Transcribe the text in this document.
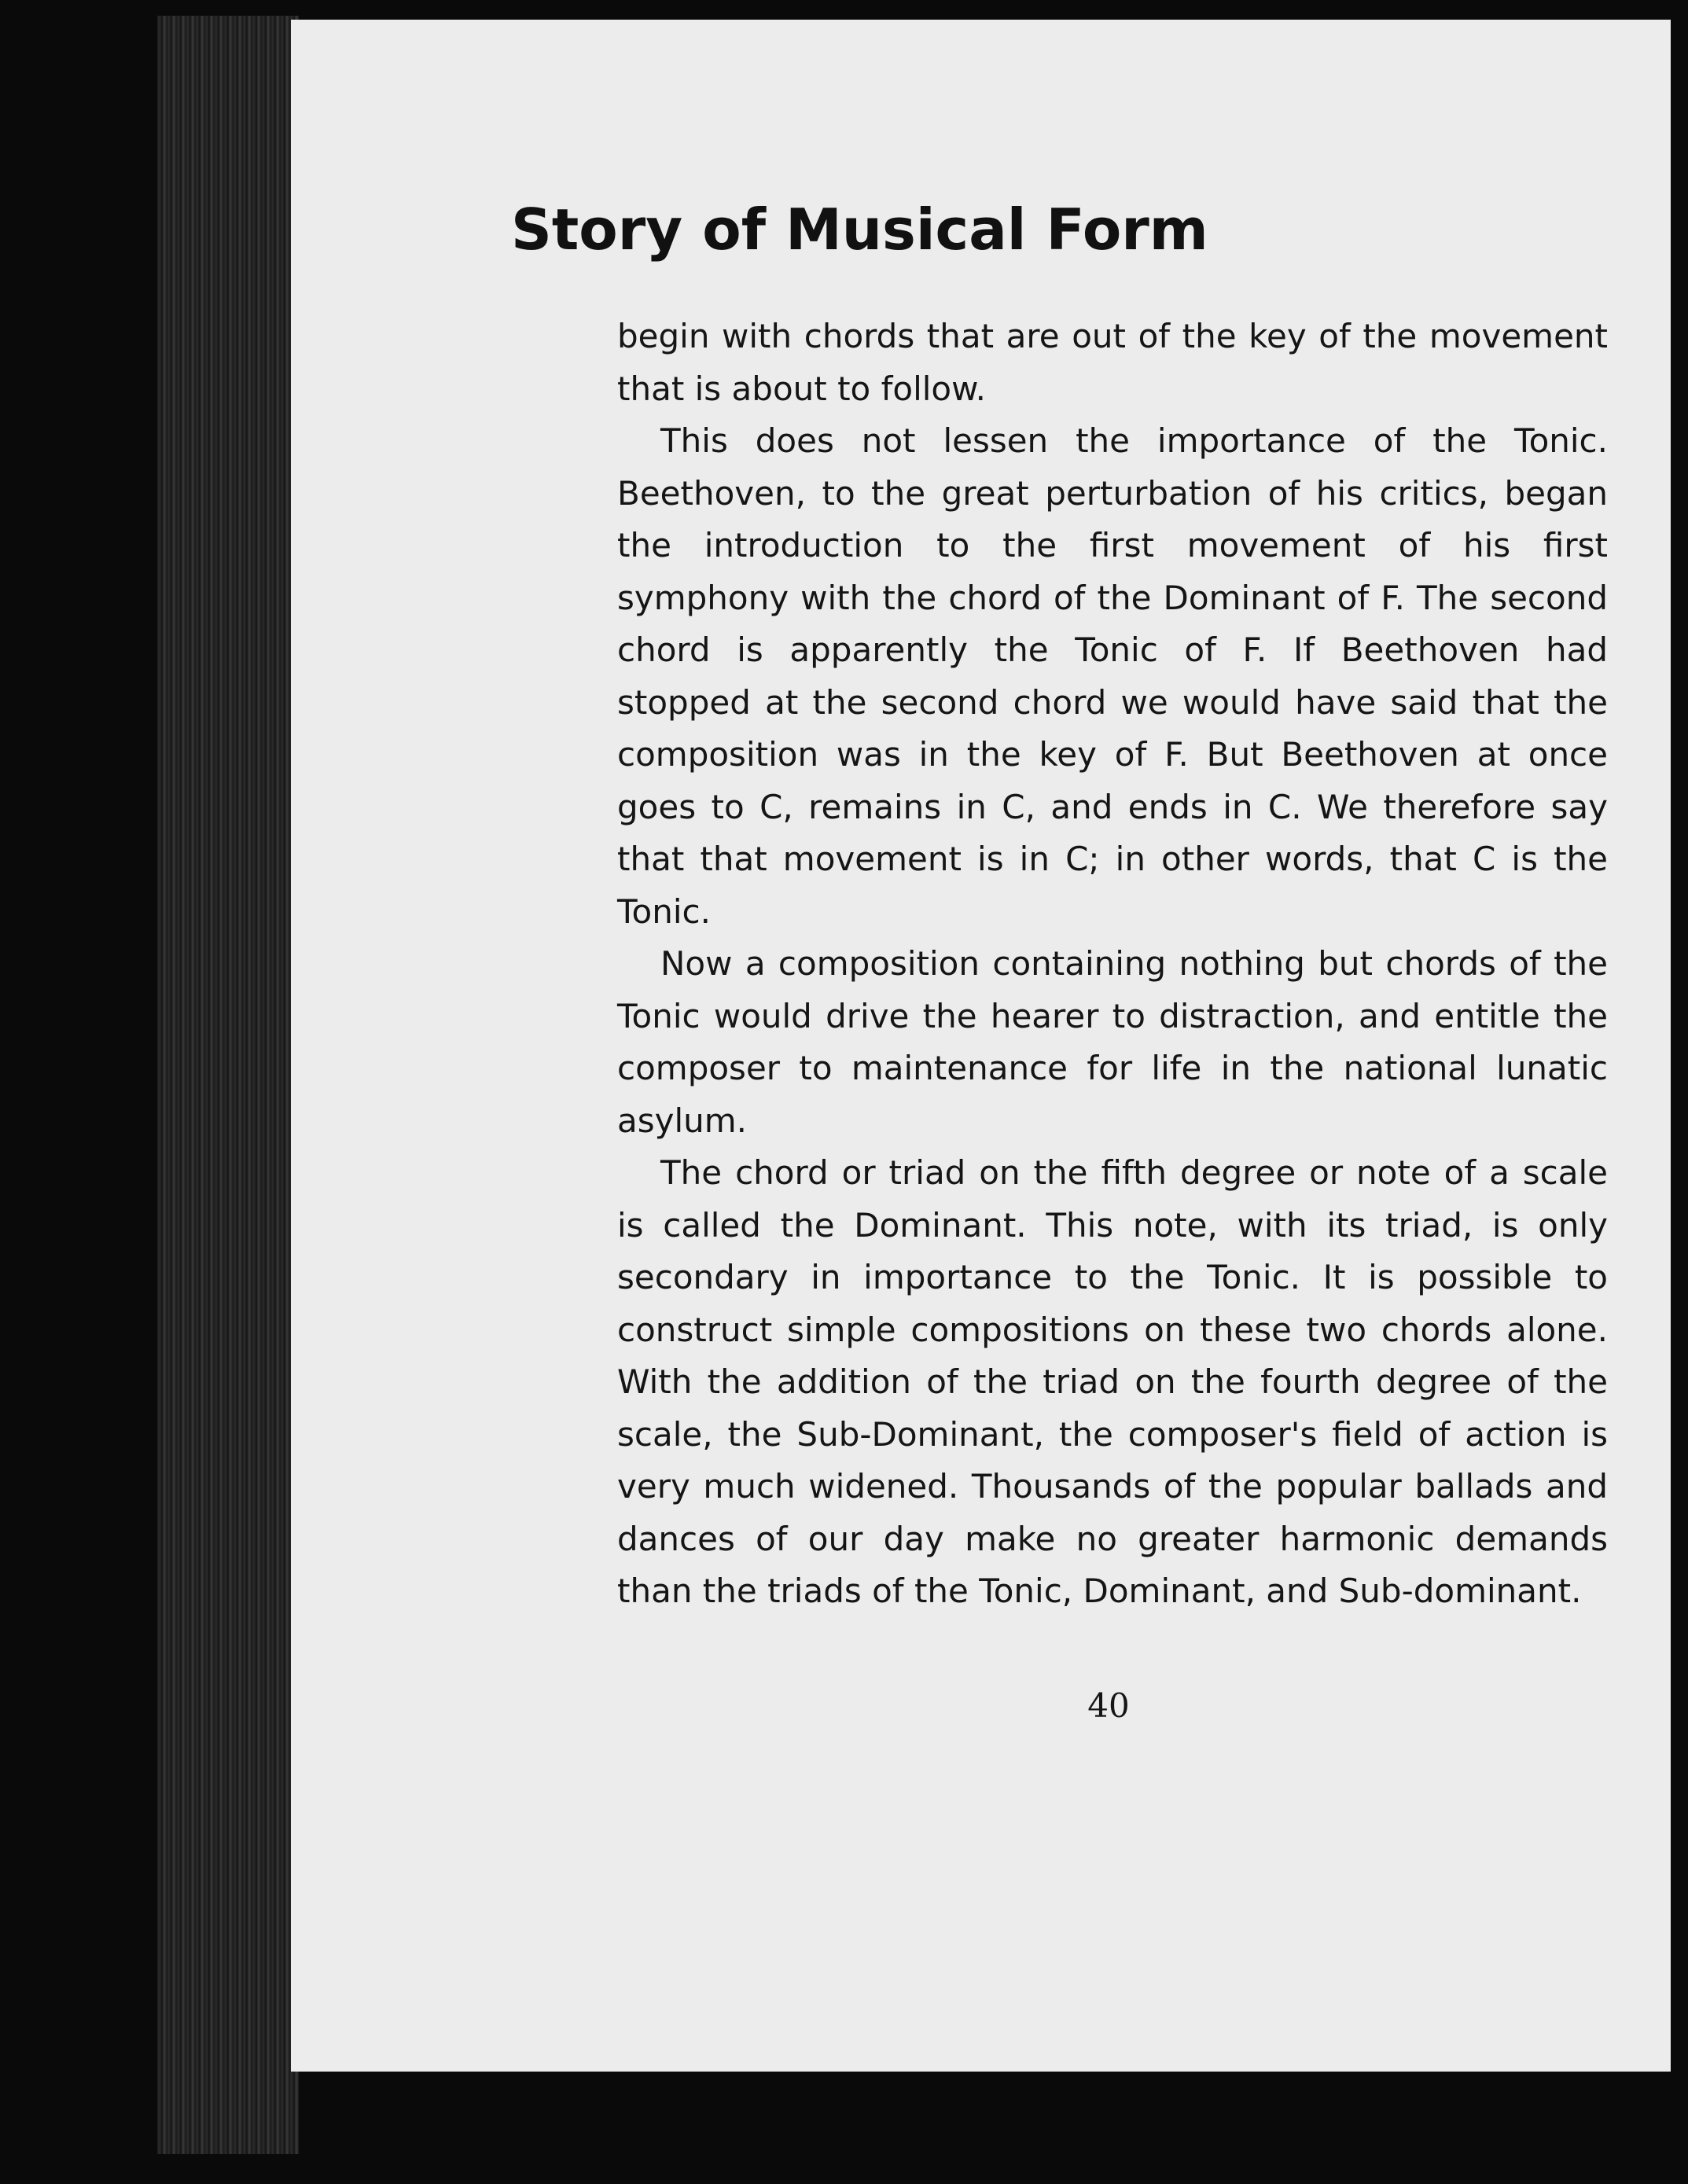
Story of Musical Form

begin with chords that are out of the key of the movement that is about to follow.

This does not lessen the importance of the Tonic. Beethoven, to the great perturbation of his critics, began the introduction to the first movement of his first symphony with the chord of the Dominant of F. The second chord is apparently the Tonic of F. If Beethoven had stopped at the second chord we would have said that the composition was in the key of F. But Beethoven at once goes to C, remains in C, and ends in C. We therefore say that that movement is in C; in other words, that C is the Tonic.

Now a composition containing nothing but chords of the Tonic would drive the hearer to distraction, and entitle the composer to maintenance for life in the national lunatic asylum.

The chord or triad on the fifth degree or note of a scale is called the Dominant. This note, with its triad, is only secondary in importance to the Tonic. It is possible to construct simple compositions on these two chords alone. With the addition of the triad on the fourth degree of the scale, the Sub-Dominant, the composer's field of action is very much widened. Thousands of the popular ballads and dances of our day make no greater harmonic demands than the triads of the Tonic, Dominant, and Sub-dominant.

40
